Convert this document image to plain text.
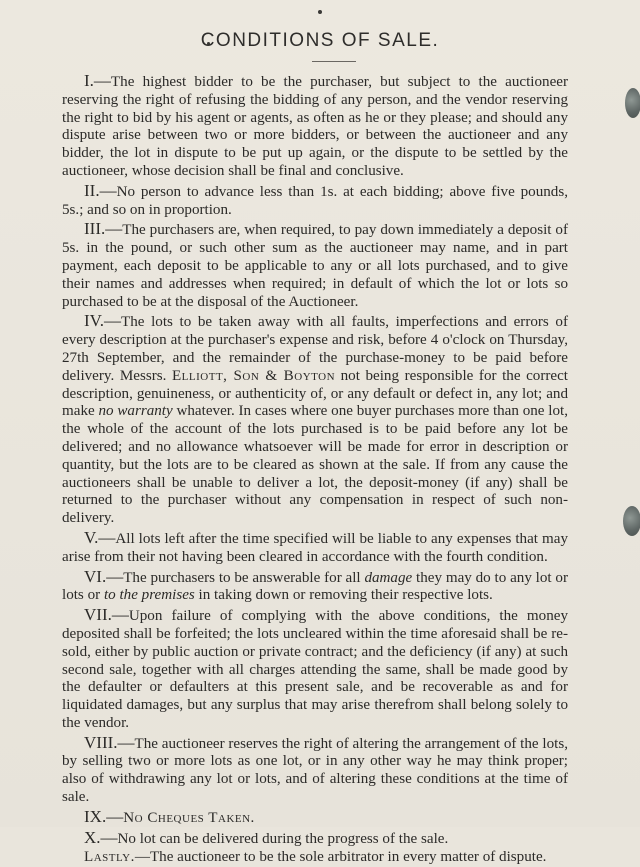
CONDITIONS OF SALE.

I.—The highest bidder to be the purchaser, but subject to the auctioneer reserving the right of refusing the bidding of any person, and the vendor reserving the right to bid by his agent or agents, as often as he or they please; and should any dispute arise between two or more bidders, or between the auctioneer and any bidder, the lot in dispute to be put up again, or the dispute to be settled by the auctioneer, whose decision shall be final and conclusive.

II.—No person to advance less than 1s. at each bidding; above five pounds, 5s.; and so on in proportion.

III.—The purchasers are, when required, to pay down immediately a deposit of 5s. in the pound, or such other sum as the auctioneer may name, and in part payment, each deposit to be applicable to any or all lots purchased, and to give their names and addresses when required; in default of which the lot or lots so purchased to be at the disposal of the Auctioneer.

IV.—The lots to be taken away with all faults, imperfections and errors of every description at the purchaser's expense and risk, before 4 o'clock on Thursday, 27th September, and the remainder of the purchase-money to be paid before delivery. Messrs. Elliott, Son & Boyton not being responsible for the correct description, genuineness, or authenticity of, or any default or defect in, any lot; and make no warranty whatever. In cases where one buyer purchases more than one lot, the whole of the account of the lots purchased is to be paid before any lot be delivered; and no allowance whatsoever will be made for error in description or quantity, but the lots are to be cleared as shown at the sale. If from any cause the auctioneers shall be unable to deliver a lot, the deposit-money (if any) shall be returned to the purchaser without any compensation in respect of such non-delivery.

V.—All lots left after the time specified will be liable to any expenses that may arise from their not having been cleared in accordance with the fourth condition.

VI.—The purchasers to be answerable for all damage they may do to any lot or lots or to the premises in taking down or removing their respective lots.

VII.—Upon failure of complying with the above conditions, the money deposited shall be forfeited; the lots uncleared within the time aforesaid shall be re-sold, either by public auction or private contract; and the deficiency (if any) at such second sale, together with all charges attending the same, shall be made good by the defaulter or defaulters at this present sale, and be recoverable as and for liquidated damages, but any surplus that may arise therefrom shall belong solely to the vendor.

VIII.—The auctioneer reserves the right of altering the arrangement of the lots, by selling two or more lots as one lot, or in any other way he may think proper; also of withdrawing any lot or lots, and of altering these conditions at the time of sale.

IX.—No Cheques Taken.

X.—No lot can be delivered during the progress of the sale.

Lastly.—The auctioneer to be the sole arbitrator in every matter of dispute.
